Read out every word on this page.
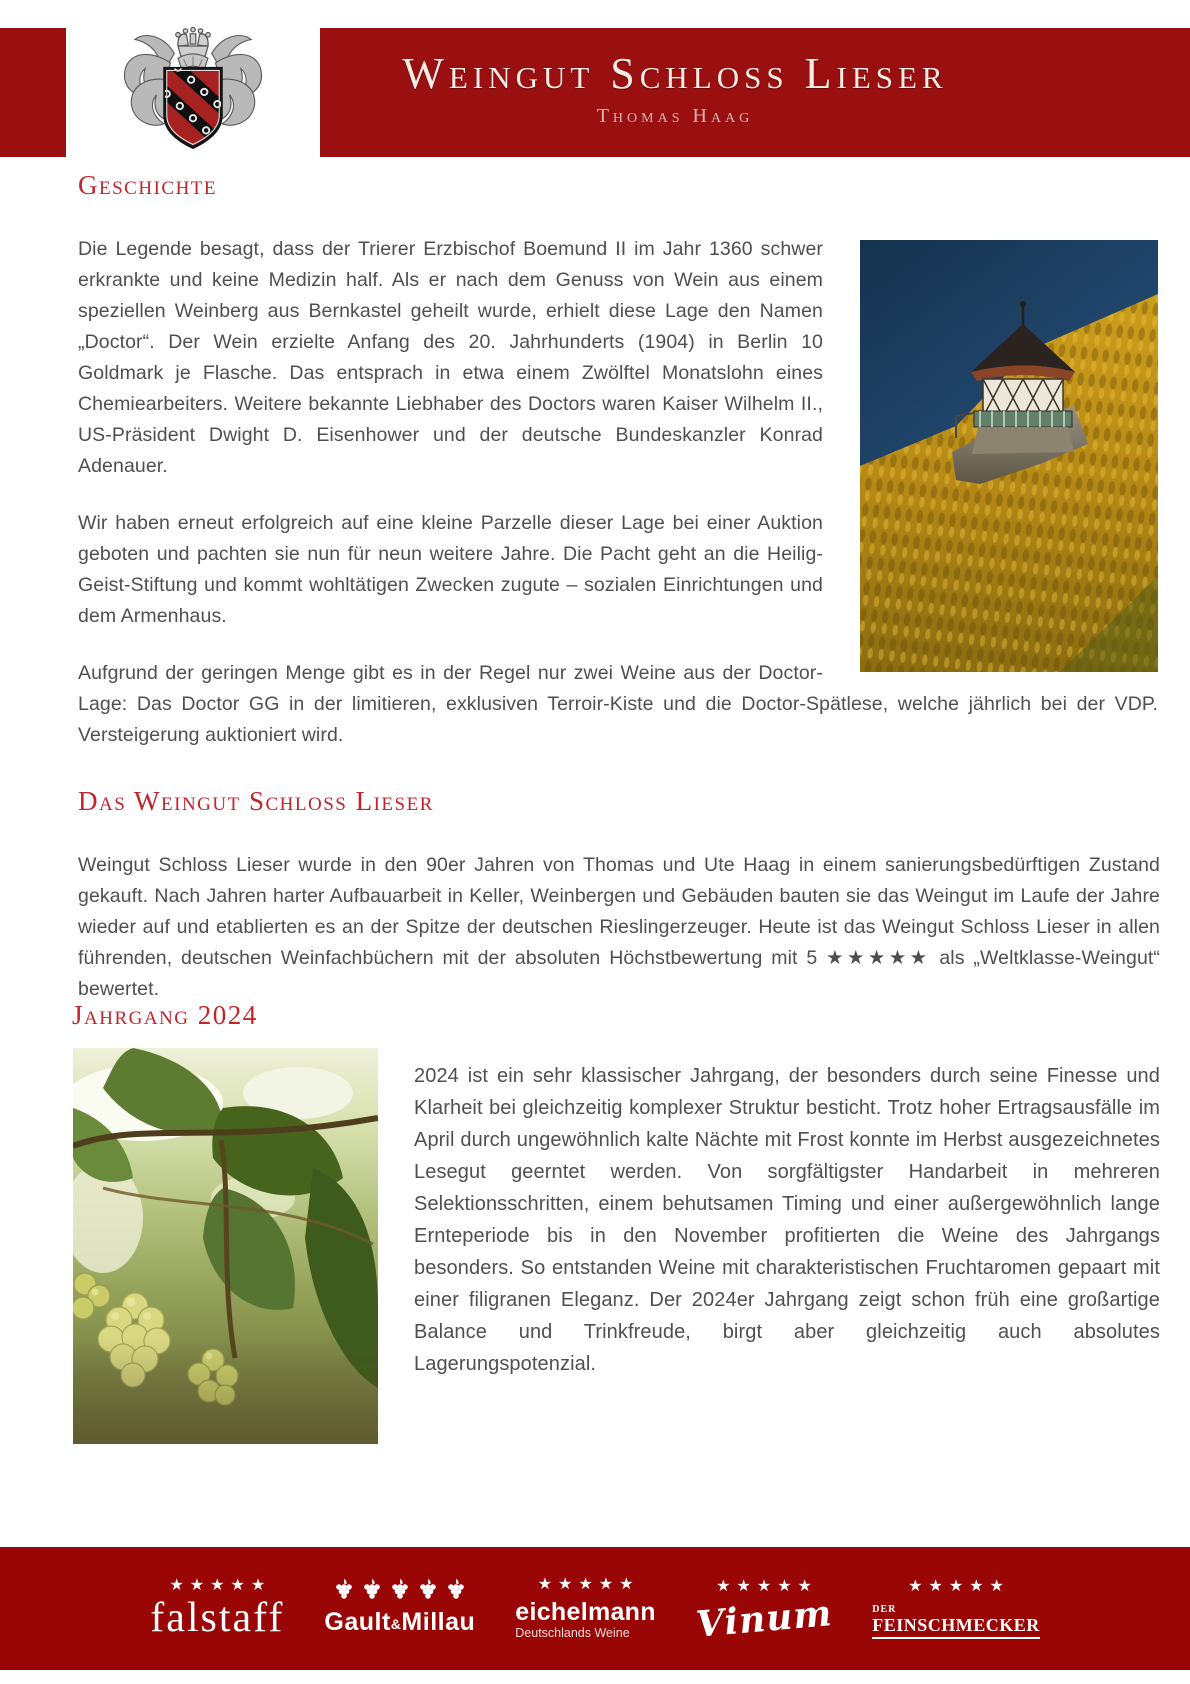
Weingut Schloss Lieser
Thomas Haag
Geschichte

Die Legende besagt, dass der Trierer Erzbischof Boemund II im Jahr 1360 schwer erkrankte und keine Medizin half. Als er nach dem Genuss von Wein aus einem speziellen Weinberg aus Bernkastel geheilt wurde, erhielt diese Lage den Namen „Doctor“. Der Wein erzielte Anfang des 20. Jahrhunderts (1904) in Berlin 10 Goldmark je Flasche. Das entsprach in etwa einem Zwölftel Monatslohn eines Chemiearbeiters. Weitere bekannte Liebhaber des Doctors waren Kaiser Wilhelm II., US-Präsident Dwight D. Eisenhower und der deutsche Bundeskanzler Konrad Adenauer.

Wir haben erneut erfolgreich auf eine kleine Parzelle dieser Lage bei einer Auktion geboten und pachten sie nun für neun weitere Jahre. Die Pacht geht an die Heilig-Geist-Stiftung und kommt wohltätigen Zwecken zugute – sozialen Einrichtungen und dem Armenhaus.

Aufgrund der geringen Menge gibt es in der Regel nur zwei Weine aus der Doctor-Lage: Das Doctor GG in der limitieren, exklusiven Terroir-Kiste und die Doctor-Spätlese, welche jährlich bei der VDP. Versteigerung auktioniert wird.

Das Weingut Schloss Lieser

Weingut Schloss Lieser wurde in den 90er Jahren von Thomas und Ute Haag in einem sanierungsbedürftigen Zustand gekauft. Nach Jahren harter Aufbauarbeit in Keller, Weinbergen und Gebäuden bauten sie das Weingut im Laufe der Jahre wieder auf und etablierten es an der Spitze der deutschen Rieslingerzeuger. Heute ist das Weingut Schloss Lieser in allen führenden, deutschen Weinfachbüchern mit der absoluten Höchstbewertung mit 5 ★★★★★ als „Weltklasse-Weingut“ bewertet.

Jahrgang 2024
2024 ist ein sehr klassischer Jahrgang, der besonders durch seine Finesse und Klarheit bei gleichzeitig komplexer Struktur besticht. Trotz hoher Ertragsausfälle im April durch ungewöhnlich kalte Nächte mit Frost konnte im Herbst ausgezeichnetes Lesegut geerntet werden. Von sorgfältigster Handarbeit in mehreren Selektionsschritten, einem behutsamen Timing und einer außergewöhnlich lange Ernteperiode bis in den November profitierten die Weine des Jahrgangs besonders. So entstanden Weine mit charakteristischen Fruchtaromen gepaart mit einer filigranen Eleganz. Der 2024er Jahrgang zeigt schon früh eine großartige Balance und Trinkfreude, birgt aber gleichzeitig auch absolutes Lagerungspotenzial.
★★★★★
falstaff Gault&Millau
★★★★★
eichelmann
Deutschlands Weine
★★★★★
Vinum
★★★★★
DER
FEINSCHMECKER
